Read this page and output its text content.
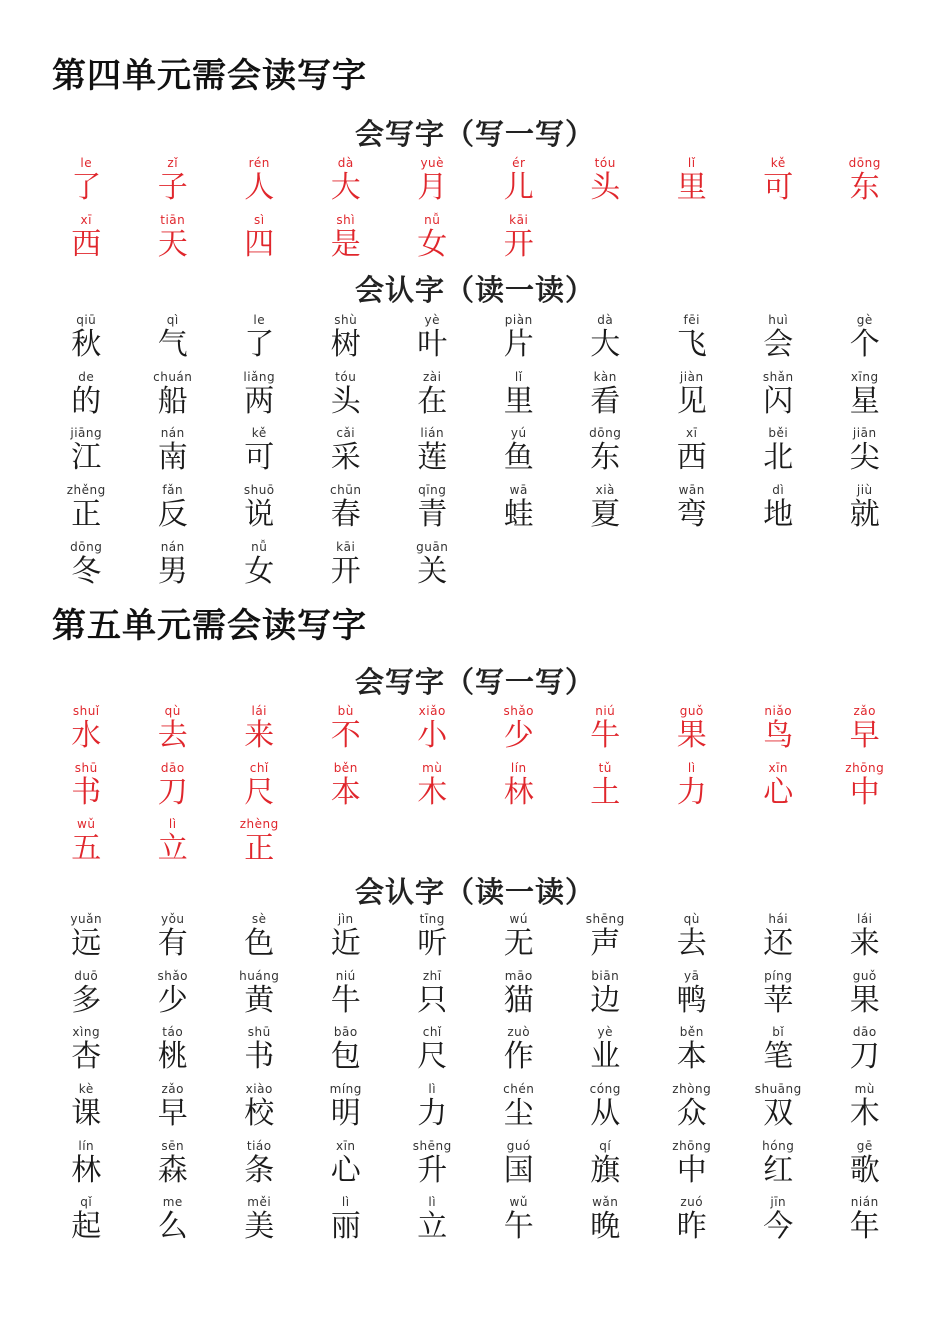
第四单元需会读写字
会写字（写一写）
le
了
zǐ
子
rén
人
dà
大
yuè
月
ér
儿
tóu
头
lǐ
里
kě
可
dōng
东
xī
西
tiān
天
sì
四
shì
是
nǚ
女
kāi
开
会认字（读一读）
qiū
秋
qì
气
le
了
shù
树
yè
叶
piàn
片
dà
大
fēi
飞
huì
会
gè
个
de
的
chuán
船
liǎng
两
tóu
头
zài
在
lǐ
里
kàn
看
jiàn
见
shǎn
闪
xīng
星
jiāng
江
nán
南
kě
可
cǎi
采
lián
莲
yú
鱼
dōng
东
xī
西
běi
北
jiān
尖
zhěng
正
fǎn
反
shuō
说
chūn
春
qīng
青
wā
蛙
xià
夏
wān
弯
dì
地
jiù
就
dōng
冬
nán
男
nǚ
女
kāi
开
guān
关
第五单元需会读写字
会写字（写一写）
shuǐ
水
qù
去
lái
来
bù
不
xiǎo
小
shǎo
少
niú
牛
guǒ
果
niǎo
鸟
zǎo
早
shū
书
dāo
刀
chǐ
尺
běn
本
mù
木
lín
林
tǔ
土
lì
力
xīn
心
zhōng
中
wǔ
五
lì
立
zhèng
正
会认字（读一读）
yuǎn
远
yǒu
有
sè
色
jìn
近
tīng
听
wú
无
shēng
声
qù
去
hái
还
lái
来
duō
多
shǎo
少
huáng
黄
niú
牛
zhī
只
māo
猫
biān
边
yā
鸭
píng
苹
guǒ
果
xìng
杏
táo
桃
shū
书
bāo
包
chǐ
尺
zuò
作
yè
业
běn
本
bǐ
笔
dāo
刀
kè
课
zǎo
早
xiào
校
míng
明
lì
力
chén
尘
cóng
从
zhòng
众
shuāng
双
mù
木
lín
林
sēn
森
tiáo
条
xīn
心
shēng
升
guó
国
qí
旗
zhōng
中
hóng
红
gē
歌
qǐ
起
me
么
měi
美
lì
丽
lì
立
wǔ
午
wǎn
晚
zuó
昨
jīn
今
nián
年
